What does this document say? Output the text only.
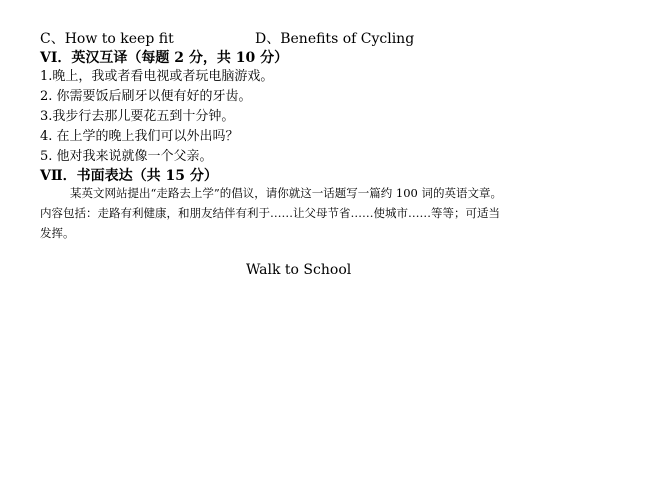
C、How to keep fit	D、Benefits of Cycling
VI．英汉互译（每题 2 分，共 10 分）
1.晚上，我或者看电视或者玩电脑游戏。
2. 你需要饭后刷牙以便有好的牙齿。
3.我步行去那儿要花五到十分钟。
4. 在上学的晚上我们可以外出吗？
5. 他对我来说就像一个父亲。
VⅡ．书面表达（共 15 分）
某英文网站提出“走路去上学”的倡议，请你就这一话题写一篇约 100 词的英语文章。
内容包括：走路有利健康，和朋友结伴有利于……让父母节省……使城市……等等；可适当
发挥。
Walk to School
